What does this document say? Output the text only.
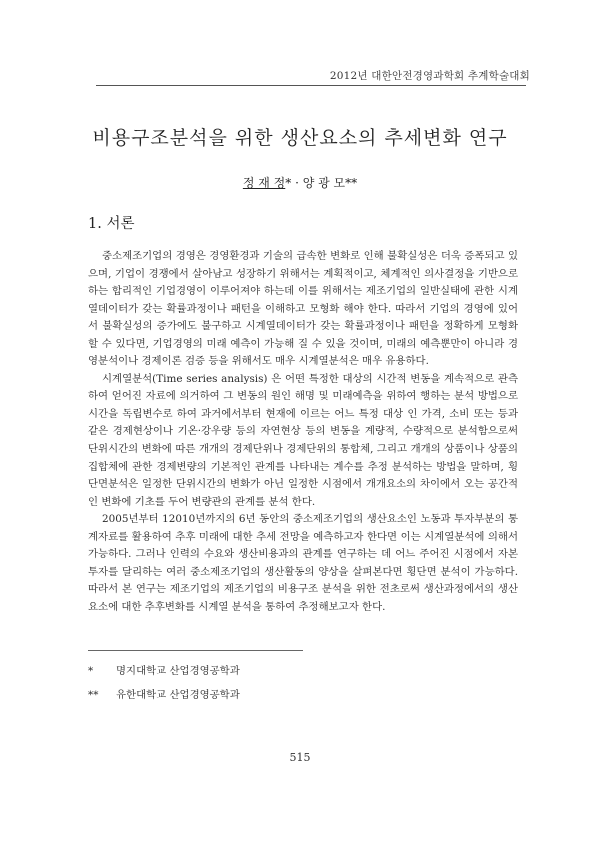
2012년 대한안전경영과학회 추계학술대회
비용구조분석을 위한 생산요소의 추세변화 연구
정 재 정* · 양 광 모**
1. 서론

중소제조기업의 경영은 경영환경과 기술의 급속한 변화로 인해 불확실성은 더욱 증폭되고 있으며, 기업이 경쟁에서 살아남고 성장하기 위해서는 계획적이고, 체계적인 의사결정을 기반으로 하는 합리적인 기업경영이 이루어져야 하는데 이를 위해서는 제조기업의 일반실태에 관한 시계열데이터가 갖는 확률과정이나 패턴을 이해하고 모형화 해야 한다. 따라서 기업의 경영에 있어서 불확실성의 증가에도 불구하고 시계열데이터가 갖는 확률과정이나 패턴을 정확하게 모형화 할 수 있다면, 기업경영의 미래 예측이 가능해 질 수 있을 것이며, 미래의 예측뿐만이 아니라 경영분석이나 경제이론 검증 등을 위해서도 매우 시계열분석은 매우 유용하다.

시계열분석(Time series analysis) 은 어떤 특정한 대상의 시간적 변동을 계속적으로 관측하여 얻어진 자료에 의거하여 그 변동의 원인 해명 및 미래예측을 위하여 행하는 분석 방법으로 시간을 독립변수로 하여 과거에서부터 현재에 이르는 어느 특정 대상 인 가격, 소비 또는 등과 같은 경제현상이나 기온·강우량 등의 자연현상 등의 변동을 계량적, 수량적으로 분석함으로써 단위시간의 변화에 따른 개개의 경제단위나 경제단위의 통합체, 그리고 개개의 상품이나 상품의 집합체에 관한 경제변량의 기본적인 관계를 나타내는 계수를 추정 분석하는 방법을 말하며, 횡단면분석은 일정한 단위시간의 변화가 아닌 일정한 시점에서 개개요소의 차이에서 오는 공간적인 변화에 기초를 두어 변량관의 관계를 분석 한다.

2005년부터 12010년까지의 6년 동안의 중소제조기업의 생산요소인 노동과 투자부분의 통계자료를 활용하여 추후 미래에 대한 추세 전망을 예측하고자 한다면 이는 시계열분석에 의해서 가능하다. 그러나 인력의 수요와 생산비용과의 관계를 연구하는 데 어느 주어진 시점에서 자본투자를 달리하는 여러 중소제조기업의 생산활동의 양상을 살펴본다면 횡단면 분석이 가능하다. 따라서 본 연구는 제조기업의 제조기업의 비용구조 분석을 위한 전초로써 생산과정에서의 생산요소에 대한 추후변화를 시계열 분석을 통하여 추정해보고자 한다.

* 명지대학교 산업경영공학과
** 유한대학교 산업경영공학과
515
